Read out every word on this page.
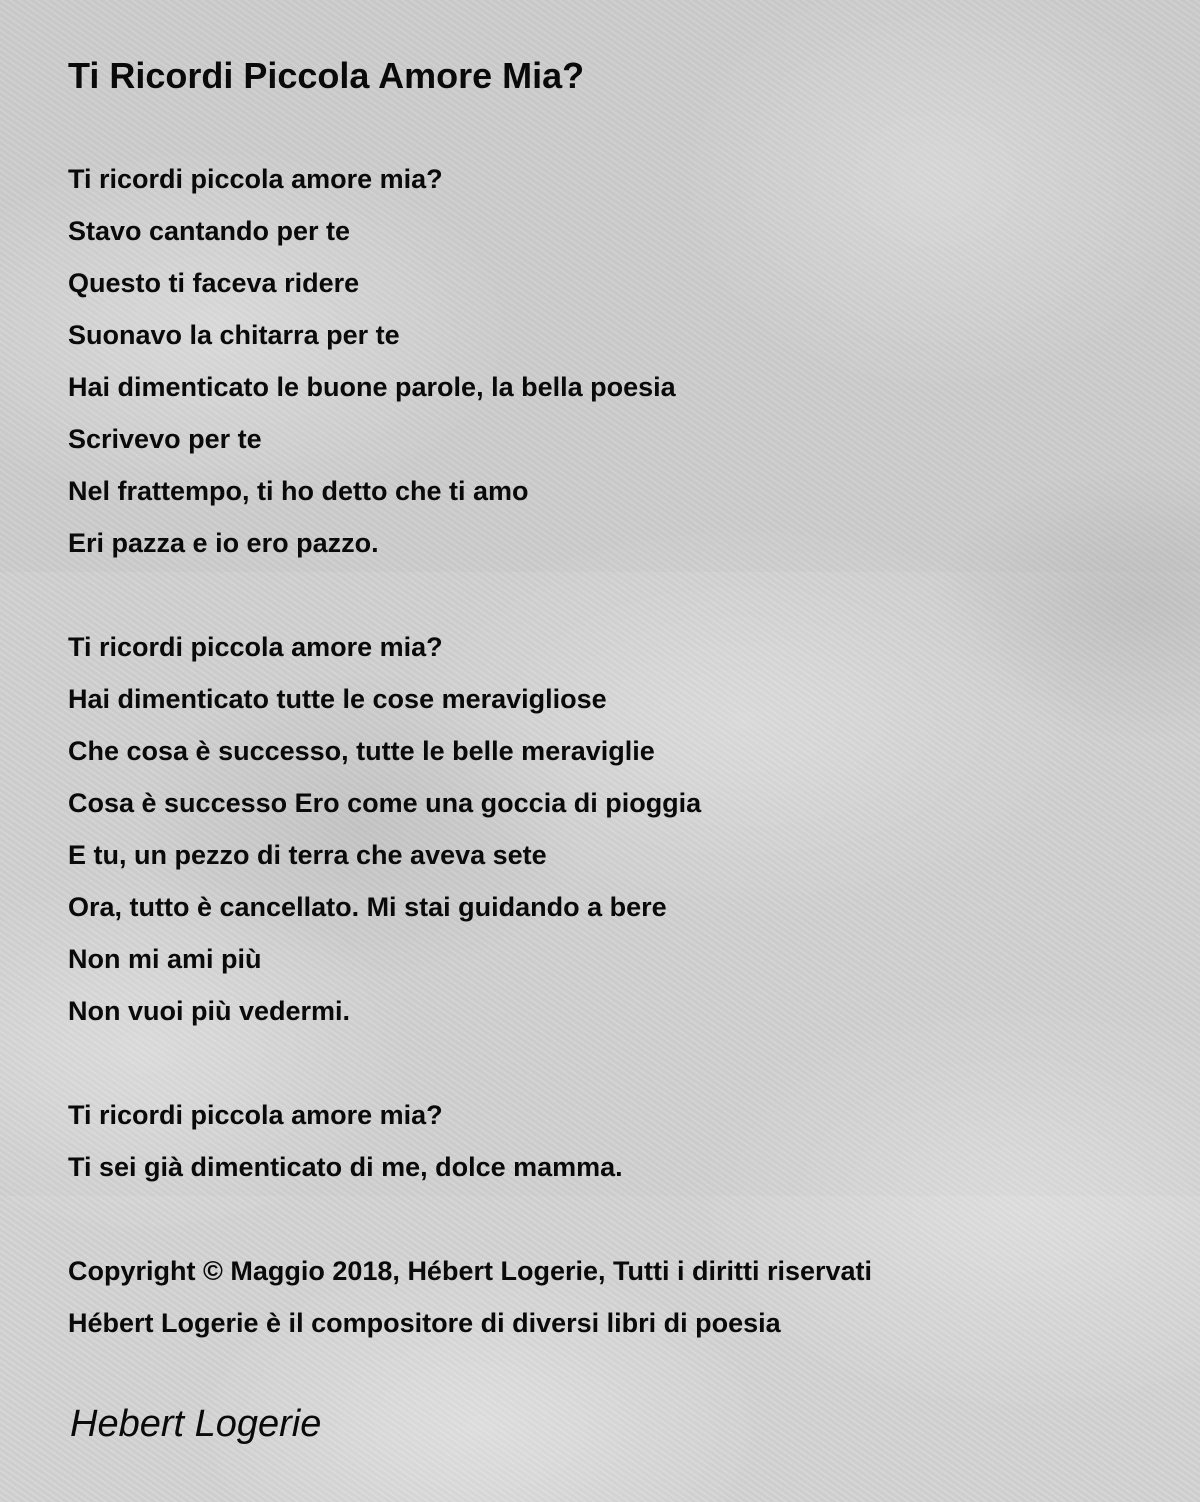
Ti Ricordi Piccola Amore Mia?
Ti ricordi piccola amore mia?
Stavo cantando per te
Questo ti faceva ridere
Suonavo la chitarra per te
Hai dimenticato le buone parole, la bella poesia
Scrivevo per te
Nel frattempo, ti ho detto che ti amo
Eri pazza e io ero pazzo.
Ti ricordi piccola amore mia?
Hai dimenticato tutte le cose meravigliose
Che cosa è successo, tutte le belle meraviglie
Cosa è successo Ero come una goccia di pioggia
E tu, un pezzo di terra che aveva sete
Ora, tutto è cancellato. Mi stai guidando a bere
Non mi ami più
Non vuoi più vedermi.
Ti ricordi piccola amore mia?
Ti sei già dimenticato di me, dolce mamma.
Copyright © Maggio 2018, Hébert Logerie, Tutti i diritti riservati
Hébert Logerie è il compositore di diversi libri di poesia
Hebert Logerie
